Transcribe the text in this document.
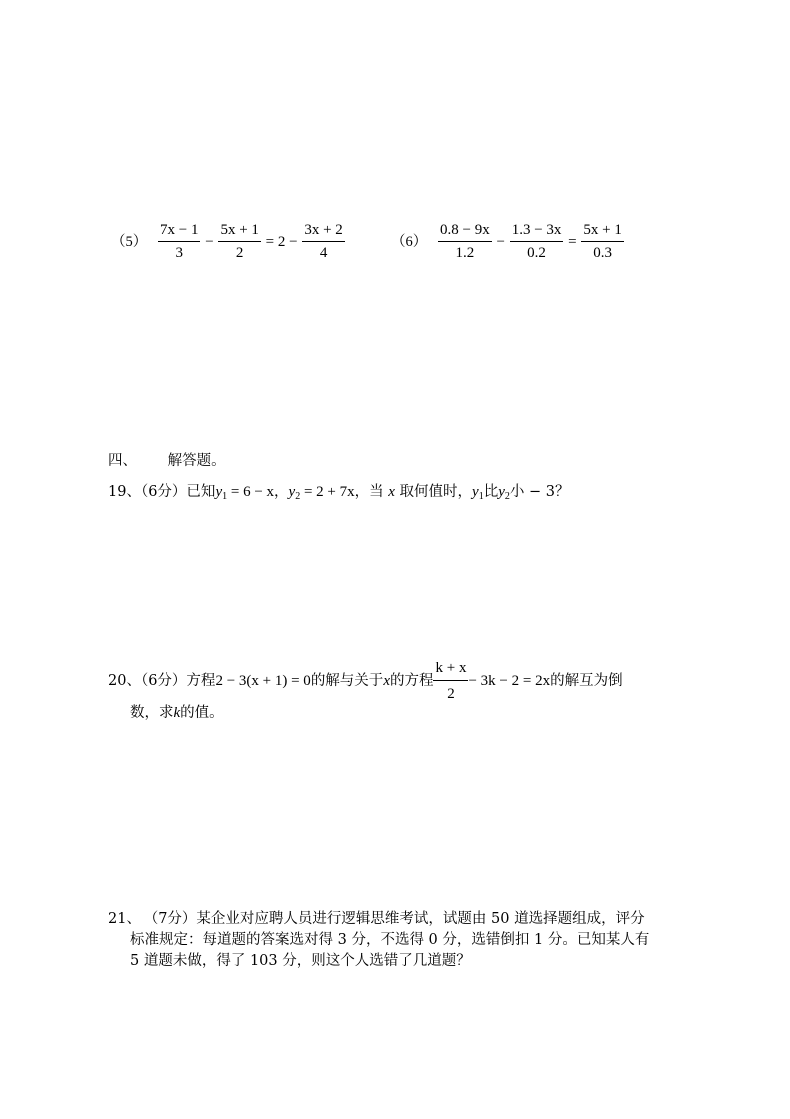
$(5) \frac{7x - 1}{3} - \frac{5x + 1}{2} = 2 - \frac{3x + 2}{4}$	$(6) \frac{0.8 - 9x}{1.2} - \frac{1.3 - 3x}{0.2} = \frac{5x + 1}{0.3}$
四、 解答题。
19、（6分）已知$y_1 = 6 - x$，$y_2 = 2 + 7x$，当 x 取何值时，$y_1$比$y_2$小 − 3？
20、（6分）方程2 − 3(x + 1) = 0的解与关于x的方程 $\frac{k + x}{2} - 3k - 2 = 2x$的解互为倒
数，求k的值。
21、 （7分）某企业对应聘人员进行逻辑思维考试，试题由 50 道选择题组成，评分
标准规定：每道题的答案选对得 3 分，不选得 0 分，选错倒扣 1 分。已知某人有
5 道题未做，得了 103 分，则这个人选错了几道题？
